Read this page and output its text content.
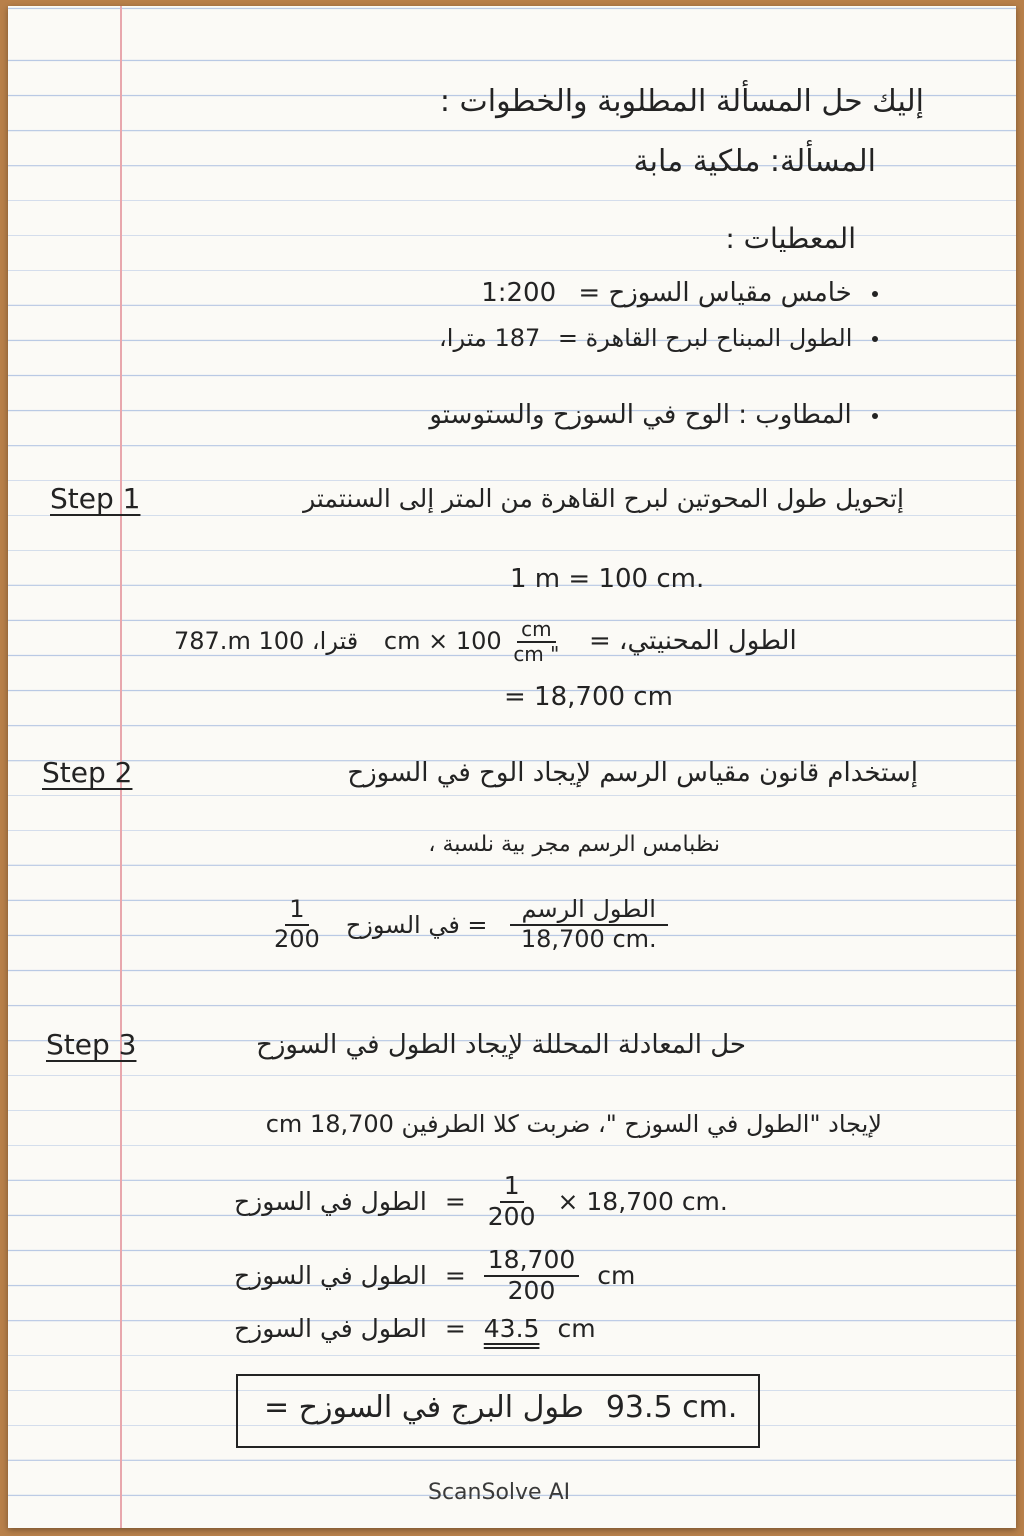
إليك حل المسألة المطلوبة والخطوات :
المسألة: ملكية مابة
المعطيات :
خامس مقياس السوزح = 1:200
الطول المبناح لبرح القاهرة = 187 مترا،
المطاوب : الوح في السوزح والستوستو
Step 1	إتحويل طول المحوتين لبرح القاهرة من المتر إلى السنتمتر
1 m = 100 cm.
787.m قترا، 100 cm × $100 \frac{cm}{cm "}$ الطول المحنيتي، =
= 18,700 cm
Step 2	إستخدام قانون مقياس الرسم لإيجاد الوح في السوزح
نظبامس الرسم مجر بية نلسبة ،
$\frac{1}{200}$ = في السوزح $\frac{\text{الطول الرسم}}{18,700 cm.}$
Step 3	حل المعادلة المحللة لإيجاد الطول في السوزح
لإيجاد "الطول في السوزح "، ضربت كلا الطرفين 18,700 cm
الطول في السوزح = $\frac{1}{200} \times 18,700$ cm.
الطول في السوزح = $\frac{18,700}{200}$ cm
الطول في السوزح = 43.5 cm
طول البرج في السوزح = 93.5 cm.
ScanSolve AI
